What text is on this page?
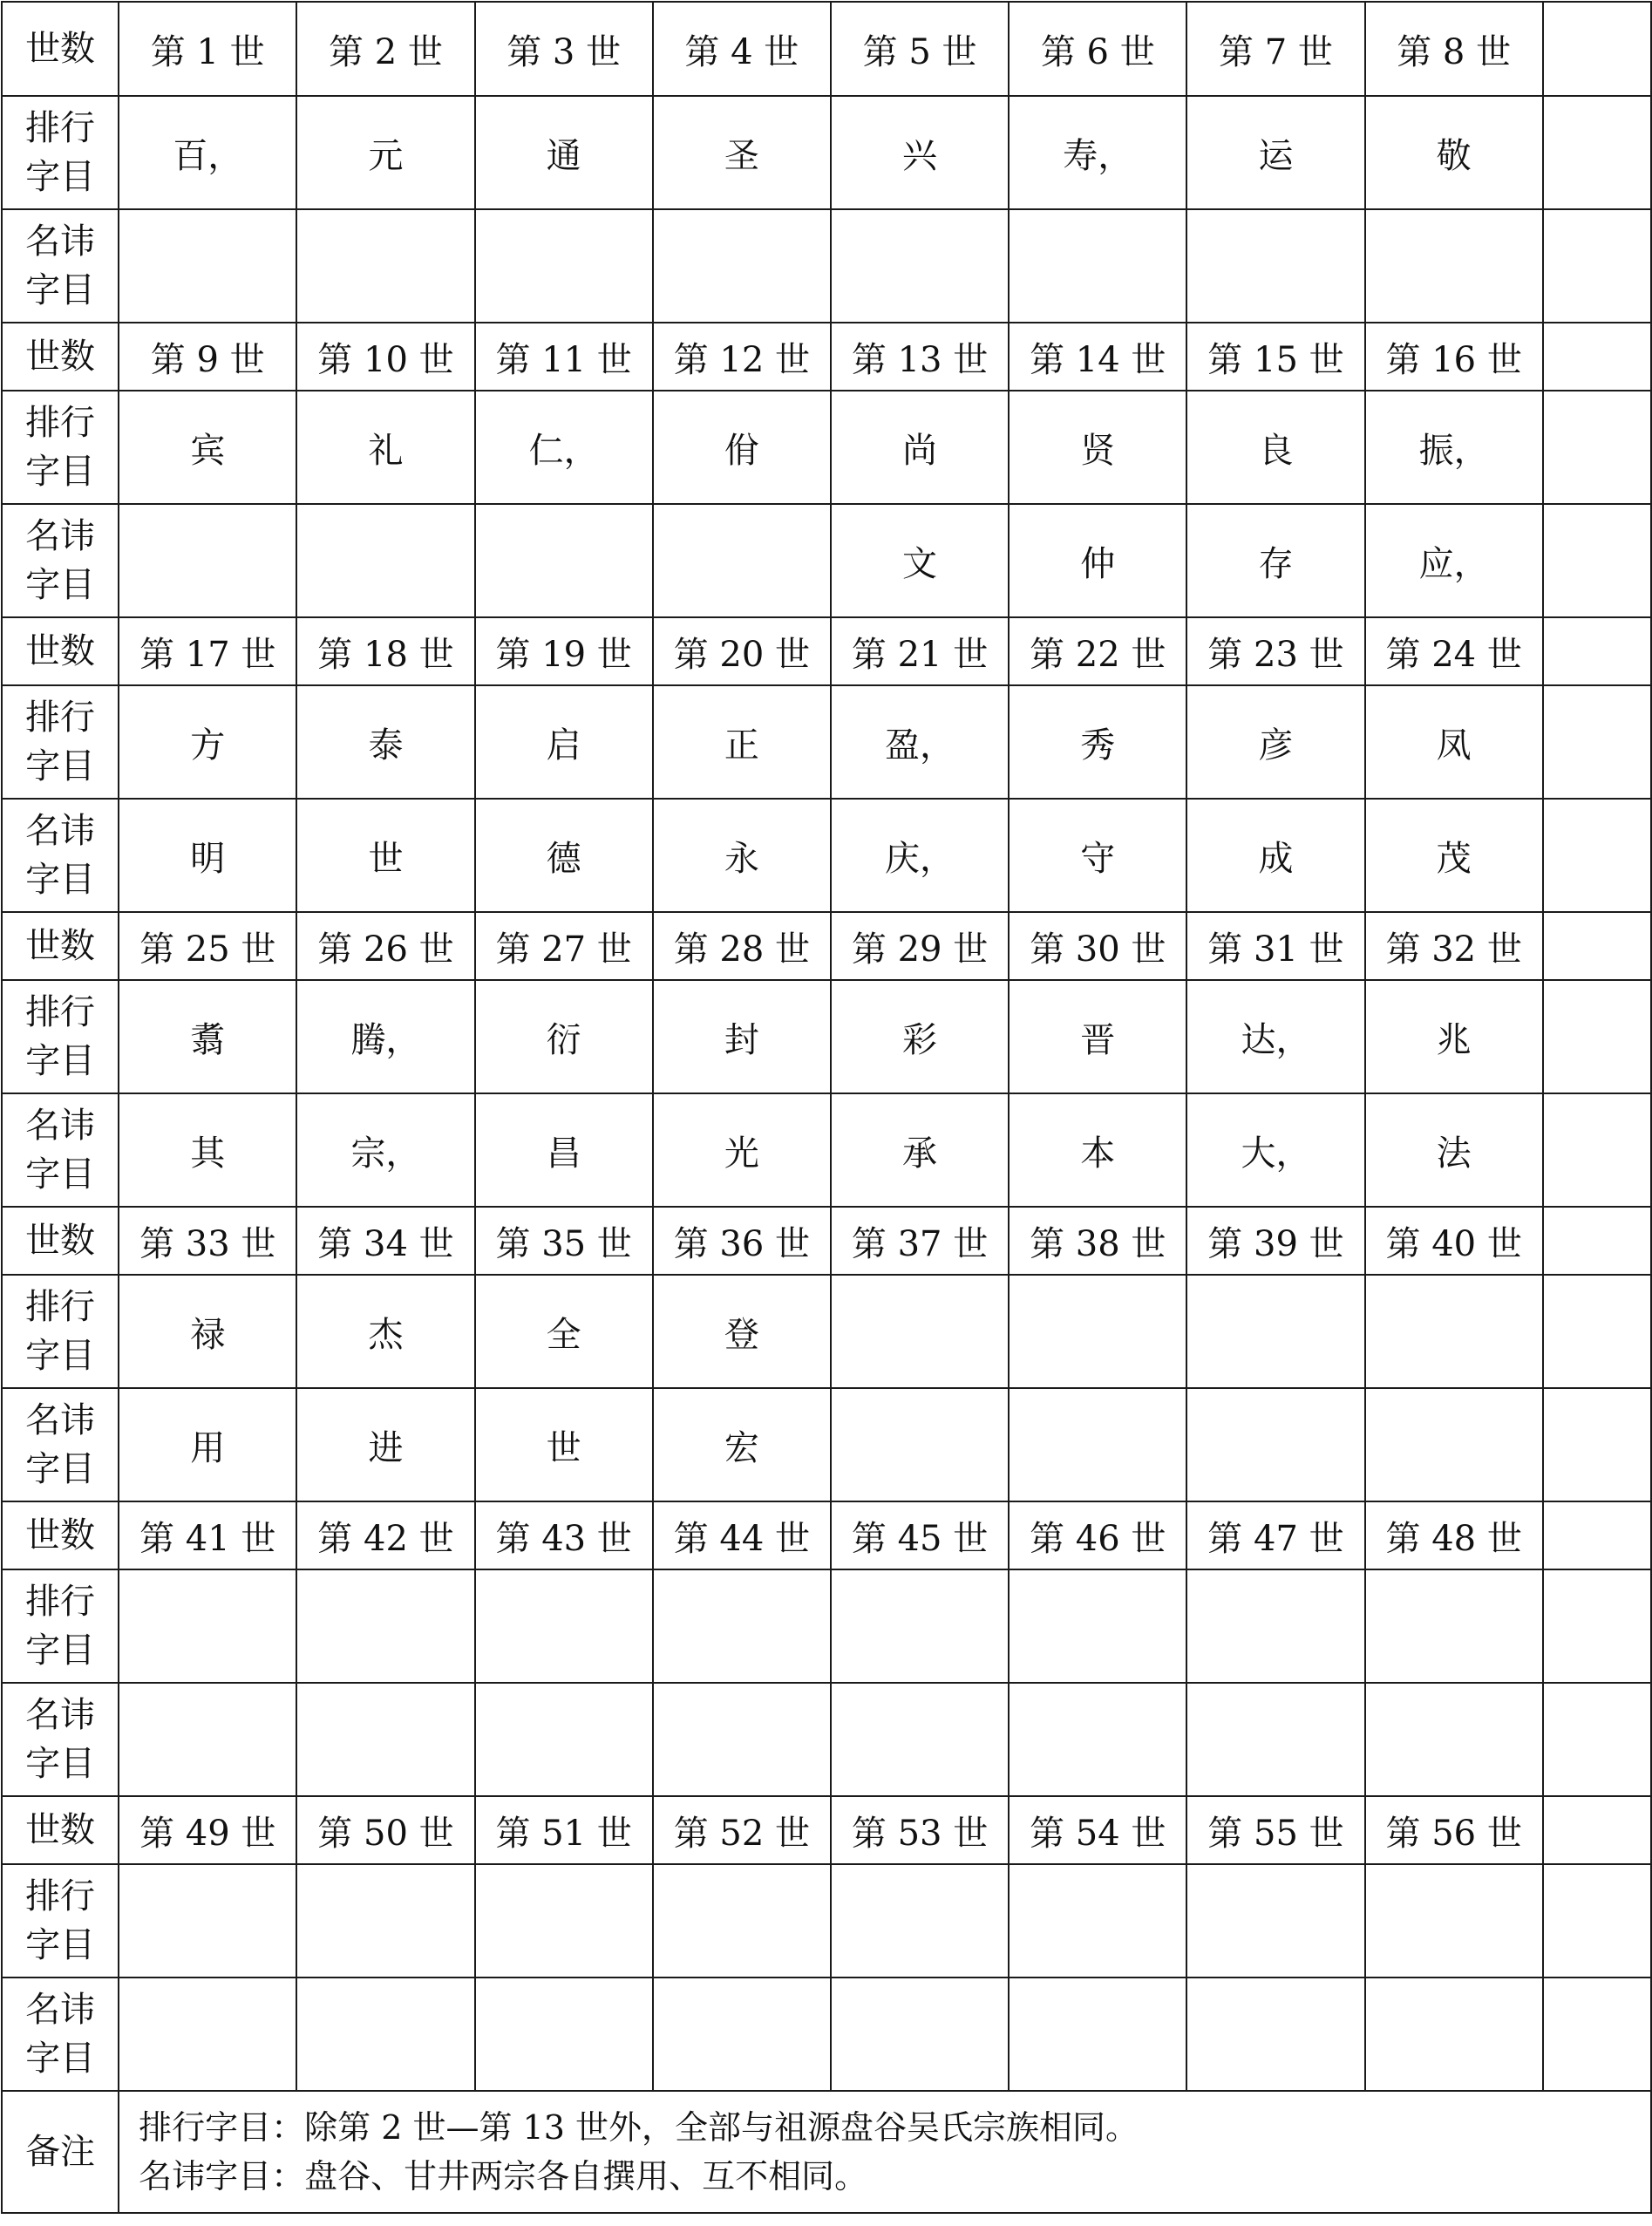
世数	第 1 世	第 2 世	第 3 世	第 4 世	第 5 世	第 6 世	第 7 世	第 8 世	

排行
字目	百，	元	通	圣	兴	寿，	运	敬	

名讳
字目									

世数	第 9 世	第 10 世	第 11 世	第 12 世	第 13 世	第 14 世	第 15 世	第 16 世	

排行
字目	宾	礼	仁，	佾	尚	贤	良	振，	

名讳
字目					文	仲	存	应，	
世数	第 17 世	第 18 世	第 19 世	第 20 世	第 21 世	第 22 世	第 23 世	第 24 世	

排行
字目	方	泰	启	正	盈，	秀	彦	凤	

名讳
字目	明	世	德	永	庆，	守	成	茂	
世数	第 25 世	第 26 世	第 27 世	第 28 世	第 29 世	第 30 世	第 31 世	第 32 世	

排行
字目	翥	腾，	衍	封	彩	晋	达，	兆	

名讳
字目	其	宗，	昌	光	承	本	大，	法	
世数	第 33 世	第 34 世	第 35 世	第 36 世	第 37 世	第 38 世	第 39 世	第 40 世	

排行
字目	禄	杰	全	登					

名讳
字目	用	进	世	宏					
世数	第 41 世	第 42 世	第 43 世	第 44 世	第 45 世	第 46 世	第 47 世	第 48 世	

排行
字目									

名讳
字目									

世数	第 49 世	第 50 世	第 51 世	第 52 世	第 53 世	第 54 世	第 55 世	第 56 世	

排行
字目									

名讳
字目									

备注	排行字目：除第 2 世—第 13 世外，全部与祖源盘谷吴氏宗族相同。
名讳字目：盘谷、甘井两宗各自撰用、互不相同。								
